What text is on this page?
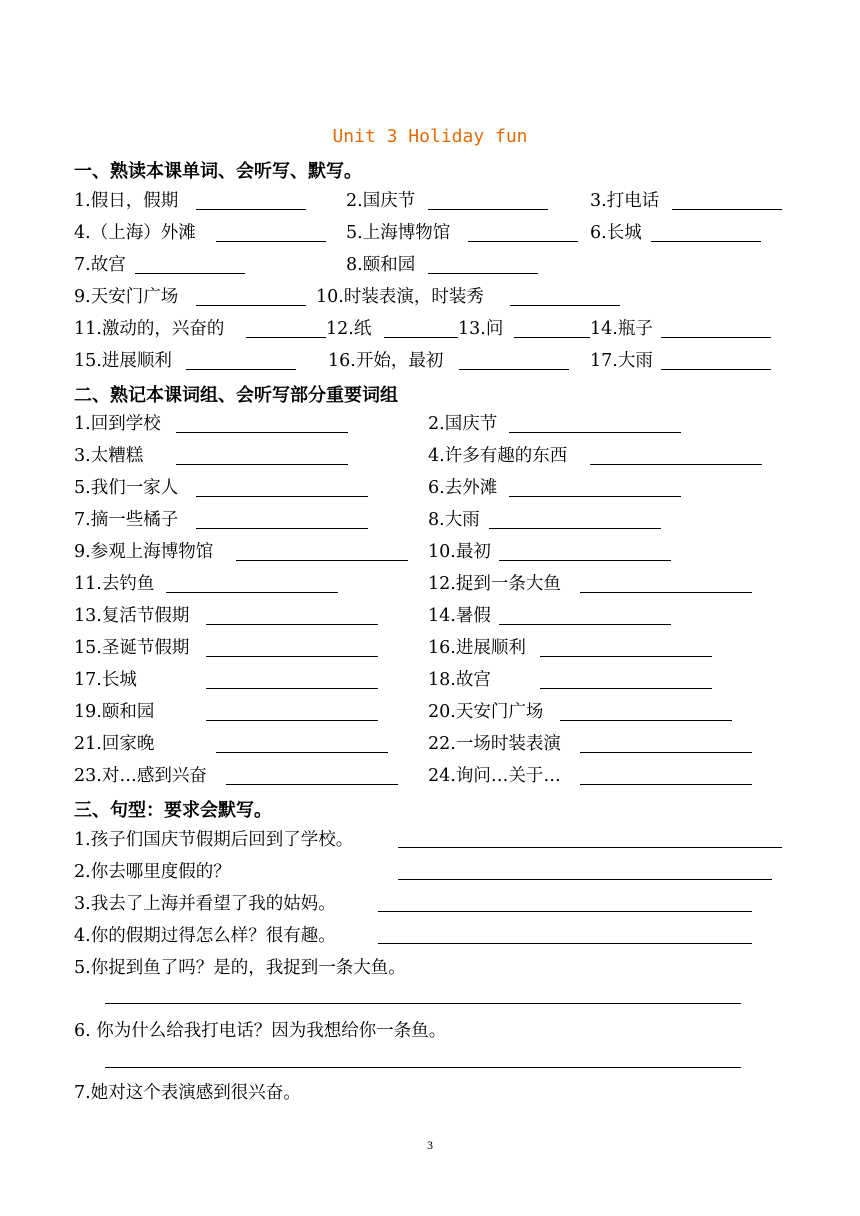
Unit 3 Holiday fun
一、熟读本课单词、会听写、默写。
1.假日，假期	2.国庆节	3.打电话
4.（上海）外滩	5.上海博物馆	6.长城
7.故宫	8.颐和园
9.天安门广场	10.时装表演，时装秀
11.激动的，兴奋的	12.纸	13.问	14.瓶子
15.进展顺利	16.开始，最初	17.大雨
二、熟记本课词组、会听写部分重要词组
1.回到学校	2.国庆节
3.太糟糕	4.许多有趣的东西
5.我们一家人	6.去外滩
7.摘一些橘子	8.大雨
9.参观上海博物馆	10.最初
11.去钓鱼	12.捉到一条大鱼
13.复活节假期	14.暑假
15.圣诞节假期	16.进展顺利
17.长城	18.故宫
19.颐和园	20.天安门广场
21.回家晚	22.一场时装表演
23.对…感到兴奋	24.询问…关于…
三、句型：要求会默写。
1.孩子们国庆节假期后回到了学校。
2.你去哪里度假的？
3.我去了上海并看望了我的姑妈。
4.你的假期过得怎么样？很有趣。
5.你捉到鱼了吗？是的，我捉到一条大鱼。
6. 你为什么给我打电话？因为我想给你一条鱼。
7.她对这个表演感到很兴奋。
3
